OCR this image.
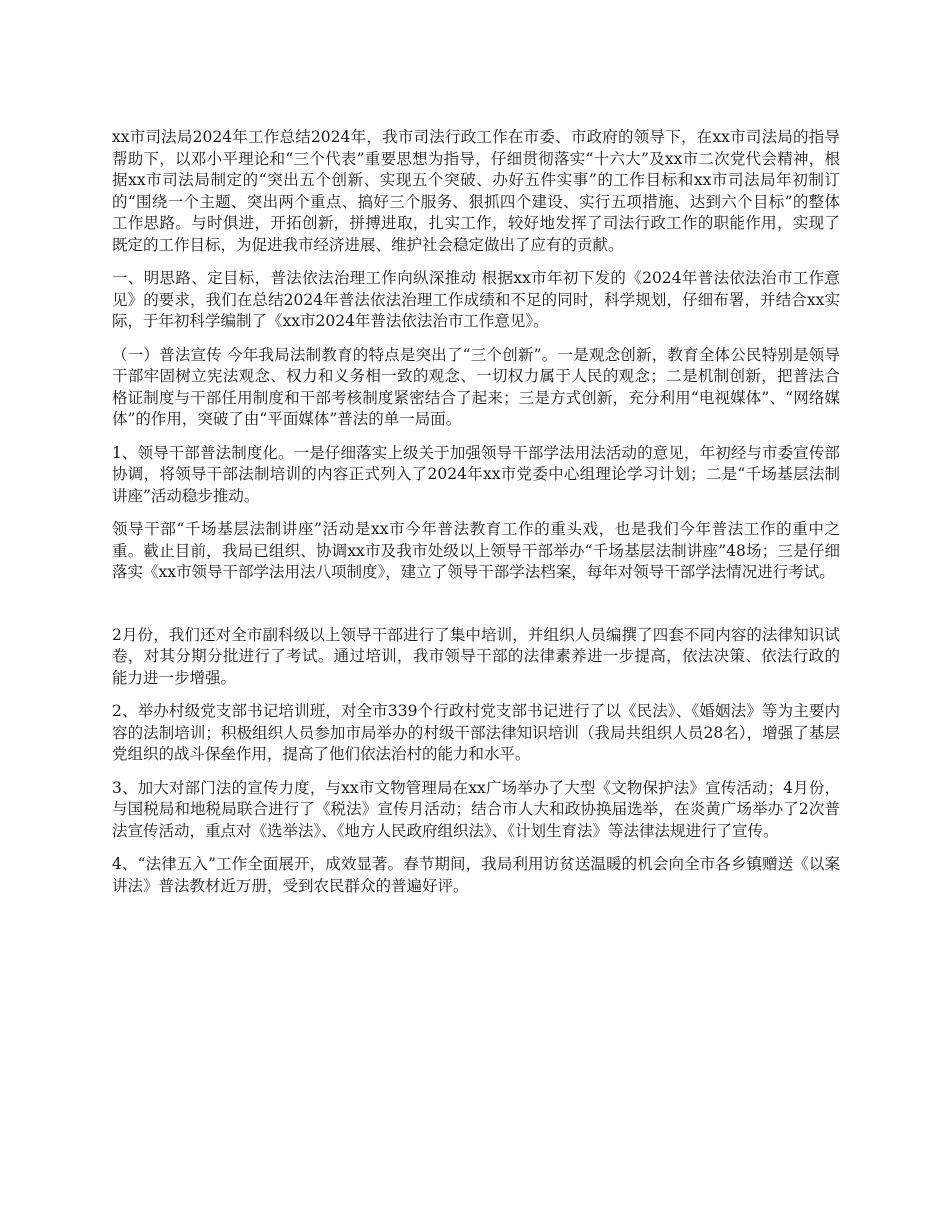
xx市司法局2024年工作总结2024年，我市司法行政工作在市委、市政府的领导下，在xx市司法局的指导帮助下，以邓小平理论和“三个代表”重要思想为指导，仔细贯彻落实“十六大”及xx市二次党代会精神，根据xx市司法局制定的“突出五个创新、实现五个突破、办好五件实事”的工作目标和xx市司法局年初制订的“围绕一个主题、突出两个重点、搞好三个服务、狠抓四个建设、实行五项措施、达到六个目标”的整体工作思路。与时俱进，开拓创新，拼搏进取，扎实工作，较好地发挥了司法行政工作的职能作用，实现了既定的工作目标，为促进我市经济进展、维护社会稳定做出了应有的贡献。

一、明思路、定目标，普法依法治理工作向纵深推动 根据xx市年初下发的《2024年普法依法治市工作意见》的要求，我们在总结2024年普法依法治理工作成绩和不足的同时，科学规划，仔细布署，并结合xx实际，于年初科学编制了《xx市2024年普法依法治市工作意见》。

（一）普法宣传 今年我局法制教育的特点是突出了“三个创新”。一是观念创新，教育全体公民特别是领导干部牢固树立宪法观念、权力和义务相一致的观念、一切权力属于人民的观念；二是机制创新，把普法合格证制度与干部任用制度和干部考核制度紧密结合了起来；三是方式创新，充分利用“电视媒体”、“网络媒体”的作用，突破了由“平面媒体”普法的单一局面。

1、领导干部普法制度化。一是仔细落实上级关于加强领导干部学法用法活动的意见，年初经与市委宣传部协调，将领导干部法制培训的内容正式列入了2024年xx市党委中心组理论学习计划；二是“千场基层法制讲座”活动稳步推动。

领导干部“千场基层法制讲座”活动是xx市今年普法教育工作的重头戏，也是我们今年普法工作的重中之重。截止目前，我局已组织、协调xx市及我市处级以上领导干部举办“千场基层法制讲座”48场；三是仔细落实《xx市领导干部学法用法八项制度》，建立了领导干部学法档案，每年对领导干部学法情况进行考试。

2月份，我们还对全市副科级以上领导干部进行了集中培训，并组织人员编撰了四套不同内容的法律知识试卷，对其分期分批进行了考试。通过培训，我市领导干部的法律素养进一步提高，依法决策、依法行政的能力进一步增强。

2、举办村级党支部书记培训班，对全市339个行政村党支部书记进行了以《民法》、《婚姻法》等为主要内容的法制培训；积极组织人员参加市局举办的村级干部法律知识培训（我局共组织人员28名），增强了基层党组织的战斗保垒作用，提高了他们依法治村的能力和水平。

3、加大对部门法的宣传力度，与xx市文物管理局在xx广场举办了大型《文物保护法》宣传活动；4月份，与国税局和地税局联合进行了《税法》宣传月活动；结合市人大和政协换届选举，在炎黄广场举办了2次普法宣传活动，重点对《选举法》、《地方人民政府组织法》、《计划生育法》等法律法规进行了宣传。

4、“法律五入”工作全面展开，成效显著。春节期间，我局利用访贫送温暖的机会向全市各乡镇赠送《以案讲法》普法教材近万册，受到农民群众的普遍好评。
